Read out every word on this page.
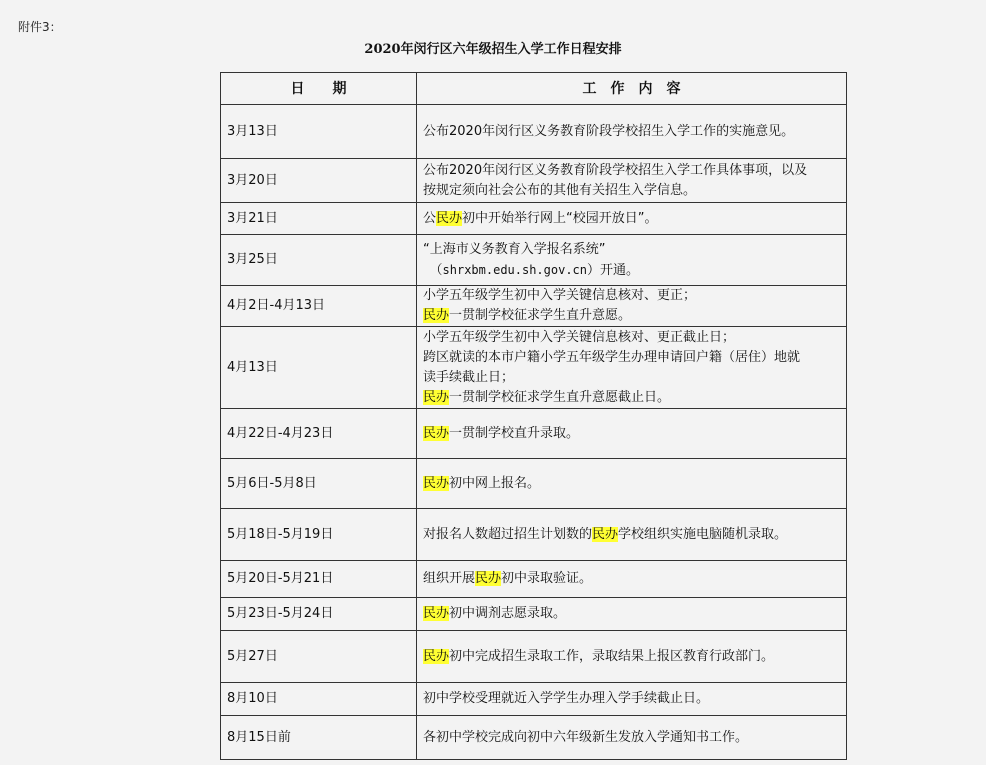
附件3：
2020年闵行区六年级招生入学工作日程安排
日　　期	工　作　内　容
3月13日	公布2020年闵行区义务教育阶段学校招生入学工作的实施意见。

3月20日	公布2020年闵行区义务教育阶段学校招生入学工作具体事项，以及
按规定须向社会公布的其他有关招生入学信息。

3月21日	公民办初中开始举行网上“校园开放日”。

3月25日	“上海市义务教育入学报名系统”
　（shrxbm.edu.sh.gov.cn）开通。

4月2日-4月13日	小学五年级学生初中入学关键信息核对、更正；
民办一贯制学校征求学生直升意愿。

4月13日	小学五年级学生初中入学关键信息核对、更正截止日；
跨区就读的本市户籍小学五年级学生办理申请回户籍（居住）地就
读手续截止日；
民办一贯制学校征求学生直升意愿截止日。

4月22日-4月23日	民办一贯制学校直升录取。

5月6日-5月8日	民办初中网上报名。

5月18日-5月19日	对报名人数超过招生计划数的民办学校组织实施电脑随机录取。

5月20日-5月21日	组织开展民办初中录取验证。

5月23日-5月24日	民办初中调剂志愿录取。

5月27日	民办初中完成招生录取工作，录取结果上报区教育行政部门。

8月10日	初中学校受理就近入学学生办理入学手续截止日。

8月15日前	各初中学校完成向初中六年级新生发放入学通知书工作。
